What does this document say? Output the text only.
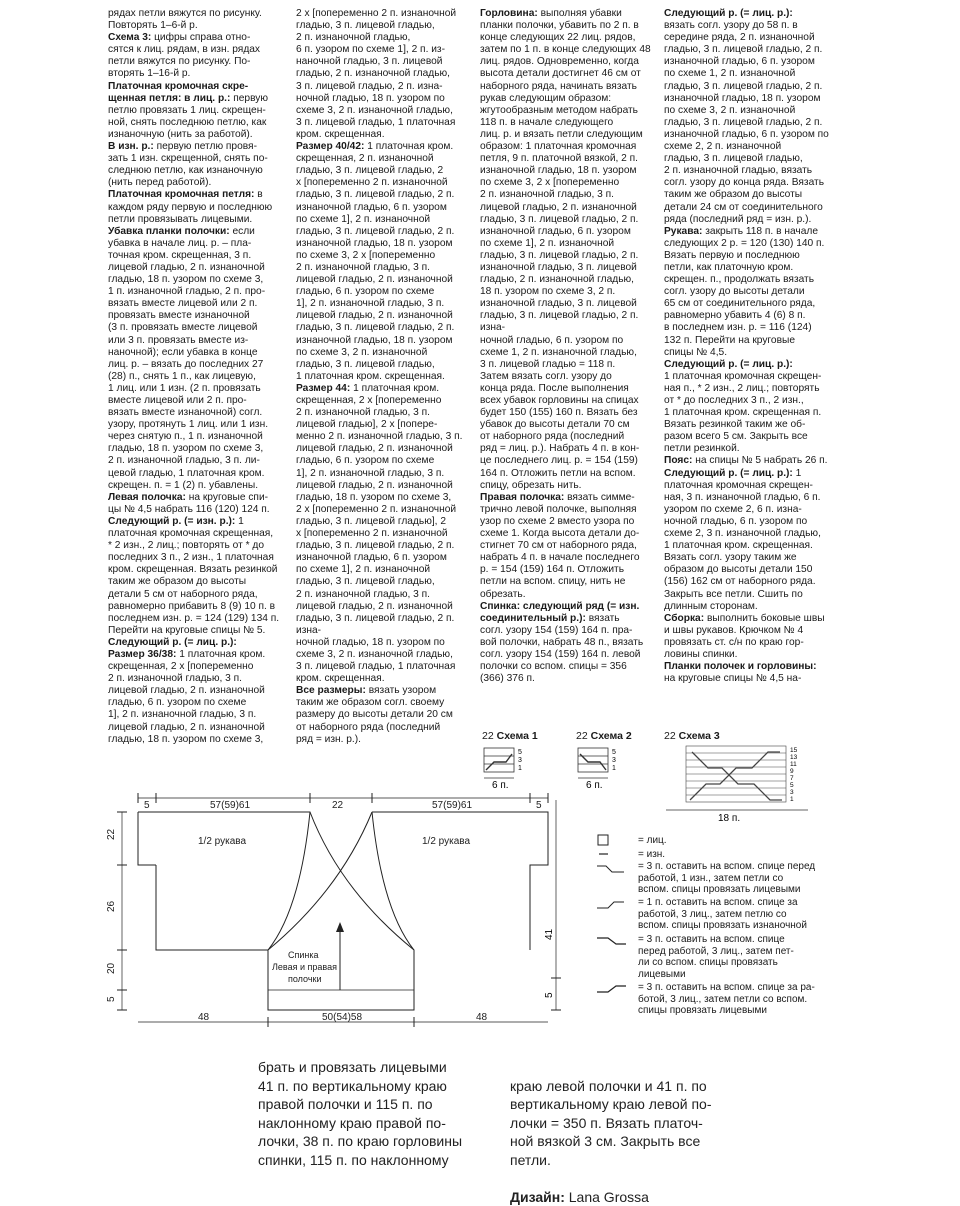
рядах петли вяжутся по рисунку.
Повторять 1–6-й р.

Схема 3: цифры справа отно-
сятся к лиц. рядам, в изн. рядах
петли вяжутся по рисунку. По-
вторять 1–16-й р.

Платочная кромочная скре-
щенная петля: в лиц. р.: первую
петлю провязать 1 лиц. скрещен-
ной, снять последнюю петлю, как
изнаночную (нить за работой).

В изн. р.: первую петлю провя-
зать 1 изн. скрещенной, снять по-
следнюю петлю, как изнаночную
(нить перед работой).

Платочная кромочная петля: в
каждом ряду первую и последнюю
петли провязывать лицевыми.

Убавка планки полочки: если
убавка в начале лиц. р. – пла-
точная кром. скрещенная, 3 п.
лицевой гладью, 2 п. изнаночной
гладью, 18 п. узором по схеме 3,
1 п. изнаночной гладью, 2 п. про-
вязать вместе лицевой или 2 п.
провязать вместе изнаночной
(3 п. провязать вместе лицевой
или 3 п. провязать вместе из-
наночной); если убавка в конце
лиц. р. – вязать до последних 27
(28) п., снять 1 п., как лицевую,
1 лиц. или 1 изн. (2 п. провязать
вместе лицевой или 2 п. про-
вязать вместе изнаночной) согл.
узору, протянуть 1 лиц. или 1 изн.
через снятую п., 1 п. изнаночной
гладью, 18 п. узором по схеме 3,
2 п. изнаночной гладью, 3 п. ли-
цевой гладью, 1 платочная кром.
скрещен. п. = 1 (2) п. убавлены.

Левая полочка: на круговые спи-
цы № 4,5 набрать 116 (120) 124 п.

Следующий р. (= изн. р.): 1
платочная кромочная скрещенная,
* 2 изн., 2 лиц.; повторять от * до
последних 3 п., 2 изн., 1 платочная
кром. скрещенная. Вязать резинкой
таким же образом до высоты
детали 5 см от наборного ряда,
равномерно прибавить 8 (9) 10 п. в
последнем изн. р. = 124 (129) 134 п.
Перейти на круговые спицы № 5.

Следующий р. (= лиц. р.):
Размер 36/38: 1 платочная кром.
скрещенная, 2 х [попеременно
2 п. изнаночной гладью, 3 п.
лицевой гладью, 2 п. изнаночной
гладью, 6 п. узором по схеме
1], 2 п. изнаночной гладью, 3 п.
лицевой гладью, 2 п. изнаночной
гладью, 18 п. узором по схеме 3,

2 х [попеременно 2 п. изнаночной
гладью, 3 п. лицевой гладью,
2 п. изнаночной гладью,
6 п. узором по схеме 1], 2 п. из-
наночной гладью, 3 п. лицевой
гладью, 2 п. изнаночной гладью,
3 п. лицевой гладью, 2 п. изна-
ночной гладью, 18 п. узором по
схеме 3, 2 п. изнаночной гладью,
3 п. лицевой гладью, 1 платочная
кром. скрещенная.

Размер 40/42: 1 платочная кром.
скрещенная, 2 п. изнаночной
гладью, 3 п. лицевой гладью, 2
х [попеременно 2 п. изнаночной
гладью, 3 п. лицевой гладью, 2 п.
изнаночной гладью, 6 п. узором
по схеме 1], 2 п. изнаночной
гладью, 3 п. лицевой гладью, 2 п.
изнаночной гладью, 18 п. узором
по схеме 3, 2 х [попеременно
2 п. изнаночной гладью, 3 п.
лицевой гладью, 2 п. изнаночной
гладью, 6 п. узором по схеме
1], 2 п. изнаночной гладью, 3 п.
лицевой гладью, 2 п. изнаночной
гладью, 3 п. лицевой гладью, 2 п.
изнаночной гладью, 18 п. узором
по схеме 3, 2 п. изнаночной
гладью, 3 п. лицевой гладью,
1 платочная кром. скрещенная.

Размер 44: 1 платочная кром.
скрещенная, 2 х [попеременно
2 п. изнаночной гладью, 3 п.
лицевой гладью], 2 х [попере-
менно 2 п. изнаночной гладью, 3 п.
лицевой гладью, 2 п. изнаночной
гладью, 6 п. узором по схеме
1], 2 п. изнаночной гладью, 3 п.
лицевой гладью, 2 п. изнаночной
гладью, 18 п. узором по схеме 3,
2 х [попеременно 2 п. изнаночной
гладью, 3 п. лицевой гладью], 2
х [попеременно 2 п. изнаночной
гладью, 3 п. лицевой гладью, 2 п.
изнаночной гладью, 6 п. узором
по схеме 1], 2 п. изнаночной
гладью, 3 п. лицевой гладью,
2 п. изнаночной гладью, 3 п.
лицевой гладью, 2 п. изнаночной
гладью, 3 п. лицевой гладью, 2 п. изна-
ночной гладью, 18 п. узором по
схеме 3, 2 п. изнаночной гладью,
3 п. лицевой гладью, 1 платочная
кром. скрещенная.

Все размеры: вязать узором
таким же образом согл. своему
размеру до высоты детали 20 см
от наборного ряда (последний
ряд = изн. р.).

Горловина: выполняя убавки
планки полочки, убавить по 2 п. в
конце следующих 22 лиц. рядов,
затем по 1 п. в конце следующих 48
лиц. рядов. Одновременно, когда
высота детали достигнет 46 см от
наборного ряда, начинать вязать
рукав следующим образом:
жгутообразным методом набрать
118 п. в начале следующего
лиц. р. и вязать петли следующим
образом: 1 платочная кромочная
петля, 9 п. платочной вязкой, 2 п.
изнаночной гладью, 18 п. узором
по схеме 3, 2 х [попеременно
2 п. изнаночной гладью, 3 п.
лицевой гладью, 2 п. изнаночной
гладью, 3 п. лицевой гладью, 2 п.
изнаночной гладью, 6 п. узором
по схеме 1], 2 п. изнаночной
гладью, 3 п. лицевой гладью, 2 п.
изнаночной гладью, 3 п. лицевой
гладью, 2 п. изнаночной гладью,
18 п. узором по схеме 3, 2 п.
изнаночной гладью, 3 п. лицевой
гладью, 3 п. лицевой гладью, 2 п. изна-
ночной гладью, 6 п. узором по
схеме 1, 2 п. изнаночной гладью,
3 п. лицевой гладью = 118 п.
Затем вязать согл. узору до
конца ряда. После выполнения
всех убавок горловины на спицах
будет 150 (155) 160 п. Вязать без
убавок до высоты детали 70 см
от наборного ряда (последний
ряд = лиц. р.). Набрать 4 п. в кон-
це последнего лиц. р. = 154 (159)
164 п. Отложить петли на вспом.
спицу, обрезать нить.

Правая полочка: вязать симме-
трично левой полочке, выполняя
узор по схеме 2 вместо узора по
схеме 1. Когда высота детали до-
стигнет 70 см от наборного ряда,
набрать 4 п. в начале последнего
р. = 154 (159) 164 п. Отложить
петли на вспом. спицу, нить не
обрезать.

Спинка: следующий ряд (= изн.
соединительный р.): вязать
согл. узору 154 (159) 164 п. пра-
вой полочки, набрать 48 п., вязать
согл. узору 154 (159) 164 п. левой
полочки со вспом. спицы = 356
(366) 376 п.

Следующий р. (= лиц. р.):
вязать согл. узору до 58 п. в
середине ряда, 2 п. изнаночной
гладью, 3 п. лицевой гладью, 2 п.
изнаночной гладью, 6 п. узором
по схеме 1, 2 п. изнаночной
гладью, 3 п. лицевой гладью, 2 п.
изнаночной гладью, 18 п. узором
по схеме 3, 2 п. изнаночной
гладью, 3 п. лицевой гладью, 2 п.
изнаночной гладью, 6 п. узором по
схеме 2, 2 п. изнаночной
гладью, 3 п. лицевой гладью,
2 п. изнаночной гладью, вязать
согл. узору до конца ряда. Вязать
таким же образом до высоты
детали 24 см от соединительного
ряда (последний ряд = изн. р.).

Рукава: закрыть 118 п. в начале
следующих 2 р. = 120 (130) 140 п.
Вязать первую и последнюю
петли, как платочную кром.
скрещен. п., продолжать вязать
согл. узору до высоты детали
65 см от соединительного ряда,
равномерно убавить 4 (6) 8 п.
в последнем изн. р. = 116 (124)
132 п. Перейти на круговые
спицы № 4,5.

Следующий р. (= лиц. р.):
1 платочная кромочная скрещен-
ная п., * 2 изн., 2 лиц.; повторять
от * до последних 3 п., 2 изн.,
1 платочная кром. скрещенная п.
Вязать резинкой таким же об-
разом всего 5 см. Закрыть все
петли резинкой.

Пояс: на спицы № 5 набрать 26 п.

Следующий р. (= лиц. р.): 1
платочная кромочная скрещен-
ная, 3 п. изнаночной гладью, 6 п.
узором по схеме 2, 6 п. изна-
ночной гладью, 6 п. узором по
схеме 2, 3 п. изнаночной гладью,
1 платочная кром. скрещенная.
Вязать согл. узору таким же
образом до высоты детали 150
(156) 162 см от наборного ряда.
Закрыть все петли. Сшить по
длинным сторонам.

Сборка: выполнить боковые швы
и швы рукавов. Крючком № 4
провязать ст. с/н по краю гор-
ловины спинки.

Планки полочек и горловины:
на круговые спицы № 4,5 на-

22 Схема 1	22 Схема 2	22 Схема 3
6 п.
5
3
1
6 п.
5
3
1
18 п.
15
13
11
9
7
5
3
1
5	57(59)61	22	57(59)61	5
1/2 рукава	1/2 рукава
Спинка
Левая и правая
полочки
48	50(54)58	48
22
26
20
5
41
5
= лиц.
= изн.
= 3 п. оставить на вспом. спице перед
работой, 1 изн., затем петли со
вспом. спицы провязать лицевыми
= 1 п. оставить на вспом. спице за
работой, 3 лиц., затем петлю со
вспом. спицы провязать изнаночной
= 3 п. оставить на вспом. спице
перед работой, 3 лиц., затем пет-
ли со вспом. спицы провязать
лицевыми
= 3 п. оставить на вспом. спице за ра-
ботой, 3 лиц., затем петли со вспом.
спицы провязать лицевыми
брать и провязать лицевыми
41 п. по вертикальному краю
правой полочки и 115 п. по
наклонному краю правой по-
лочки, 38 п. по краю горловины
спинки, 115 п. по наклонному

краю левой полочки и 41 п. по
вертикальному краю левой по-
лочки = 350 п. Вязать платоч-
ной вязкой 3 см. Закрыть все
петли.

Дизайн: Lana Grossa
